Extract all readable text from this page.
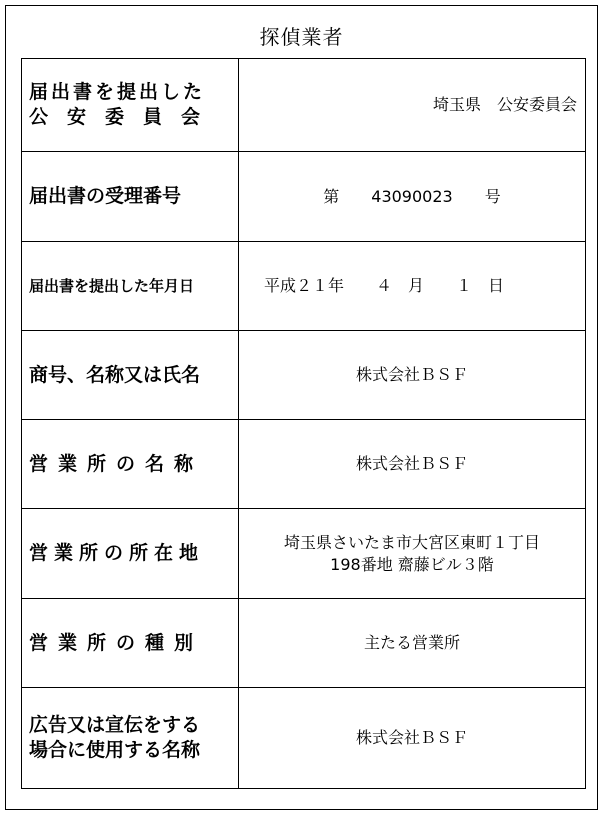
探偵業者
届出書を提出した
公　安　委　員　会	埼玉県　公安委員会

届出書の受理番号	第　　43090023　　号

届出書を提出した年月日	平成２１年　　４　月　　１　日

商号、名称又は氏名	株式会社ＢＳＦ

営業所の名称	株式会社ＢＳＦ

営業所の所在地	埼玉県さいたま市大宮区東町１丁目
198番地 齋藤ビル３階

営業所の種別	主たる営業所

広告又は宣伝をする
場合に使用する名称	株式会社ＢＳＦ
